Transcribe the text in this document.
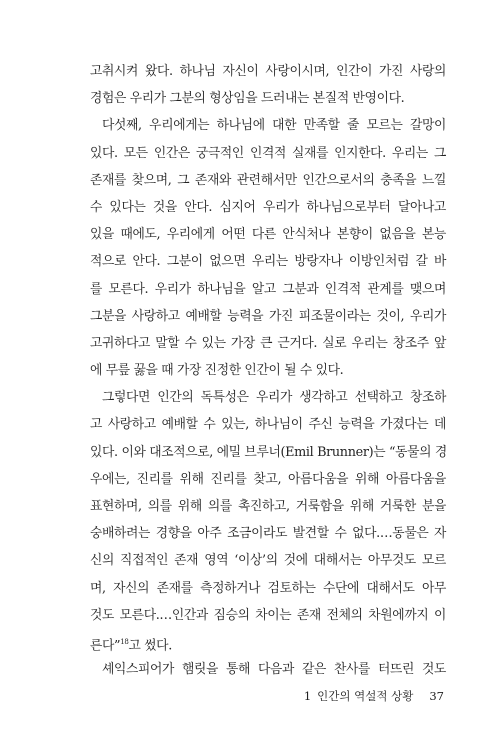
고취시켜 왔다. 하나님 자신이 사랑이시며, 인간이 가진 사랑의
경험은 우리가 그분의 형상임을 드러내는 본질적 반영이다.
다섯째, 우리에게는 하나님에 대한 만족할 줄 모르는 갈망이
있다. 모든 인간은 궁극적인 인격적 실재를 인지한다. 우리는 그
존재를 찾으며, 그 존재와 관련해서만 인간으로서의 충족을 느낄
수 있다는 것을 안다. 심지어 우리가 하나님으로부터 달아나고
있을 때에도, 우리에게 어떤 다른 안식처나 본향이 없음을 본능
적으로 안다. 그분이 없으면 우리는 방랑자나 이방인처럼 갈 바
를 모른다. 우리가 하나님을 알고 그분과 인격적 관계를 맺으며
그분을 사랑하고 예배할 능력을 가진 피조물이라는 것이, 우리가
고귀하다고 말할 수 있는 가장 큰 근거다. 실로 우리는 창조주 앞
에 무릎 꿇을 때 가장 진정한 인간이 될 수 있다.
그렇다면 인간의 독특성은 우리가 생각하고 선택하고 창조하
고 사랑하고 예배할 수 있는, 하나님이 주신 능력을 가졌다는 데
있다. 이와 대조적으로, 에밀 브루너(Emil Brunner)는 “동물의 경
우에는, 진리를 위해 진리를 찾고, 아름다움을 위해 아름다움을
표현하며, 의를 위해 의를 촉진하고, 거룩함을 위해 거룩한 분을
숭배하려는 경향을 아주 조금이라도 발견할 수 없다.…동물은 자
신의 직접적인 존재 영역 ‘이상’의 것에 대해서는 아무것도 모르
며, 자신의 존재를 측정하거나 검토하는 수단에 대해서도 아무
것도 모른다.…인간과 짐승의 차이는 존재 전체의 차원에까지 이
른다”$^{18}$고 썼다.
셰익스피어가 햄릿을 통해 다음과 같은 찬사를 터뜨린 것도
1 인간의 역설적 상황 37
